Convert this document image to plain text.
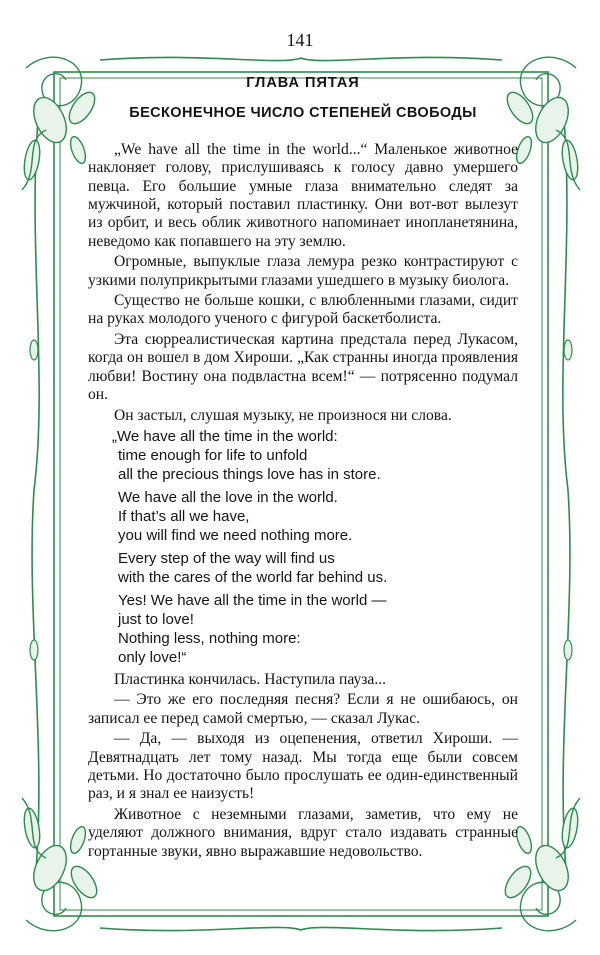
141
ГЛАВА ПЯТАЯ
БЕСКОНЕЧНОЕ ЧИСЛО СТЕПЕНЕЙ СВОБОДЫ

„We have all the time in the world...“ Маленькое животное наклоняет голову, прислушиваясь к голосу давно умершего певца. Его большие умные глаза внимательно следят за мужчиной, который поставил пластинку. Они вот-вот вылезут из орбит, и весь облик животного напоминает инопланетянина, неведомо как попавшего на эту землю.

Огромные, выпуклые глаза лемура резко контрастируют с узкими полуприкрытыми глазами ушедшего в музыку биолога.

Существо не больше кошки, с влюбленными глазами, сидит на руках молодого ученого с фигурой баскетболиста.

Эта сюрреалистическая картина предстала перед Лукасом, когда он вошел в дом Хироши. „Как странны иногда проявления любви! Востину она подвластна всем!“ — потрясенно подумал он.

Он застыл, слушая музыку, не произнося ни слова.

„We have all the time in the world:
time enough for life to unfold
all the precious things love has in store.
We have all the love in the world.
If that’s all we have,
you will find we need nothing more.
Every step of the way will find us
with the cares of the world far behind us.
Yes! We have all the time in the world —
just to love!
Nothing less, nothing more:
only love!“

Пластинка кончилась. Наступила пауза...

— Это же его последняя песня? Если я не ошибаюсь, он записал ее перед самой смертью, — сказал Лукас.

— Да, — выходя из оцепенения, ответил Хироши. — Девятнадцать лет тому назад. Мы тогда еще были совсем детьми. Но достаточно было прослушать ее один-единственный раз, и я знал ее наизусть!

Животное с неземными глазами, заметив, что ему не уделяют должного внимания, вдруг стало издавать странные гортанные звуки, явно выражавшие недовольство.
